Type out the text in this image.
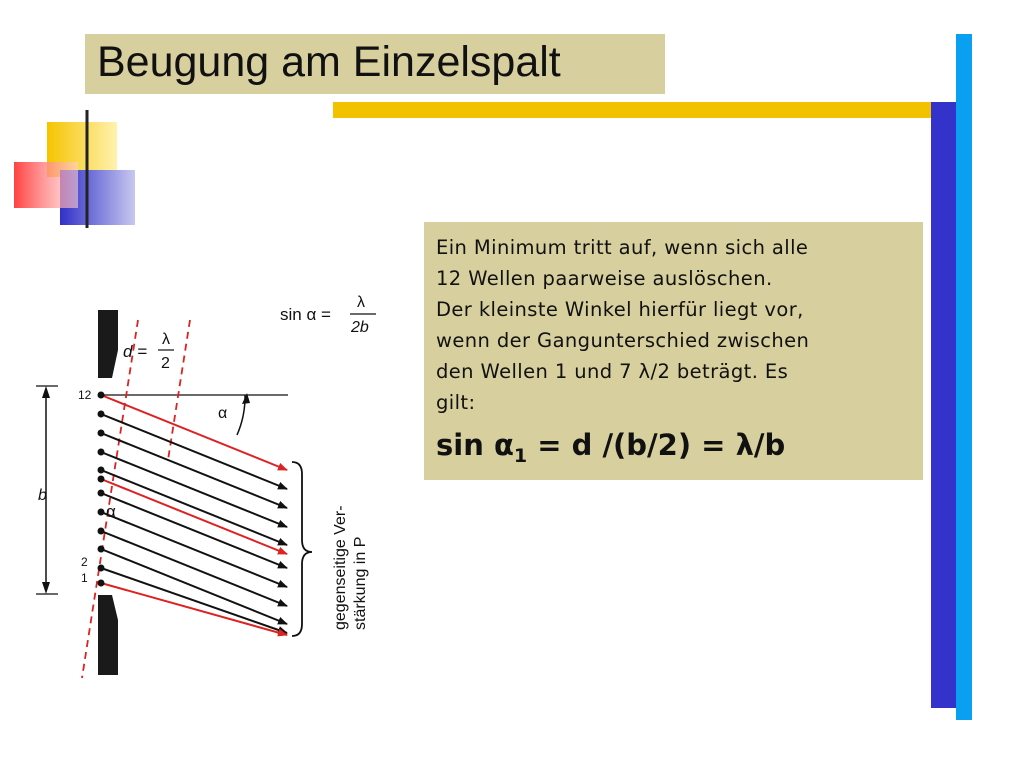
Beugung am Einzelspalt
Ein Minimum tritt auf, wenn sich alle
12 Wellen paarweise auslöschen.
Der kleinste Winkel hierfür liegt vor,
wenn der Gangunterschied zwischen
den Wellen 1 und 7 λ/2 beträgt. Es
gilt:
$\sin \alpha_1 = d$ /(b/2) = λ/b
b
12
2
1
α
α
sin α =
λ
2b
d =
λ
2
gegenseitige Ver- stärkung in P
